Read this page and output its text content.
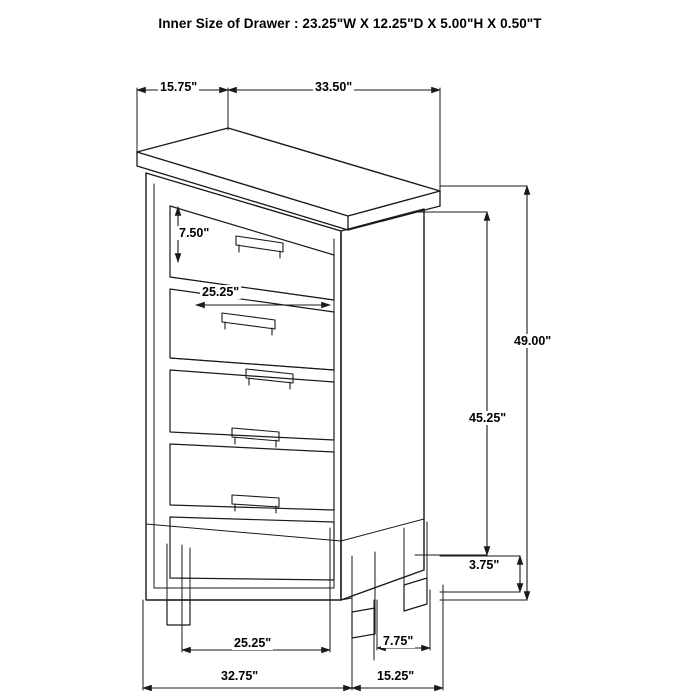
Inner Size of Drawer : 23.25"W X 12.25"D X 5.00"H X 0.50"T
15.75"	33.50"
7.50"
25.25"
49.00"
45.25"
3.75"
25.25"	7.75"
32.75"	15.25"
